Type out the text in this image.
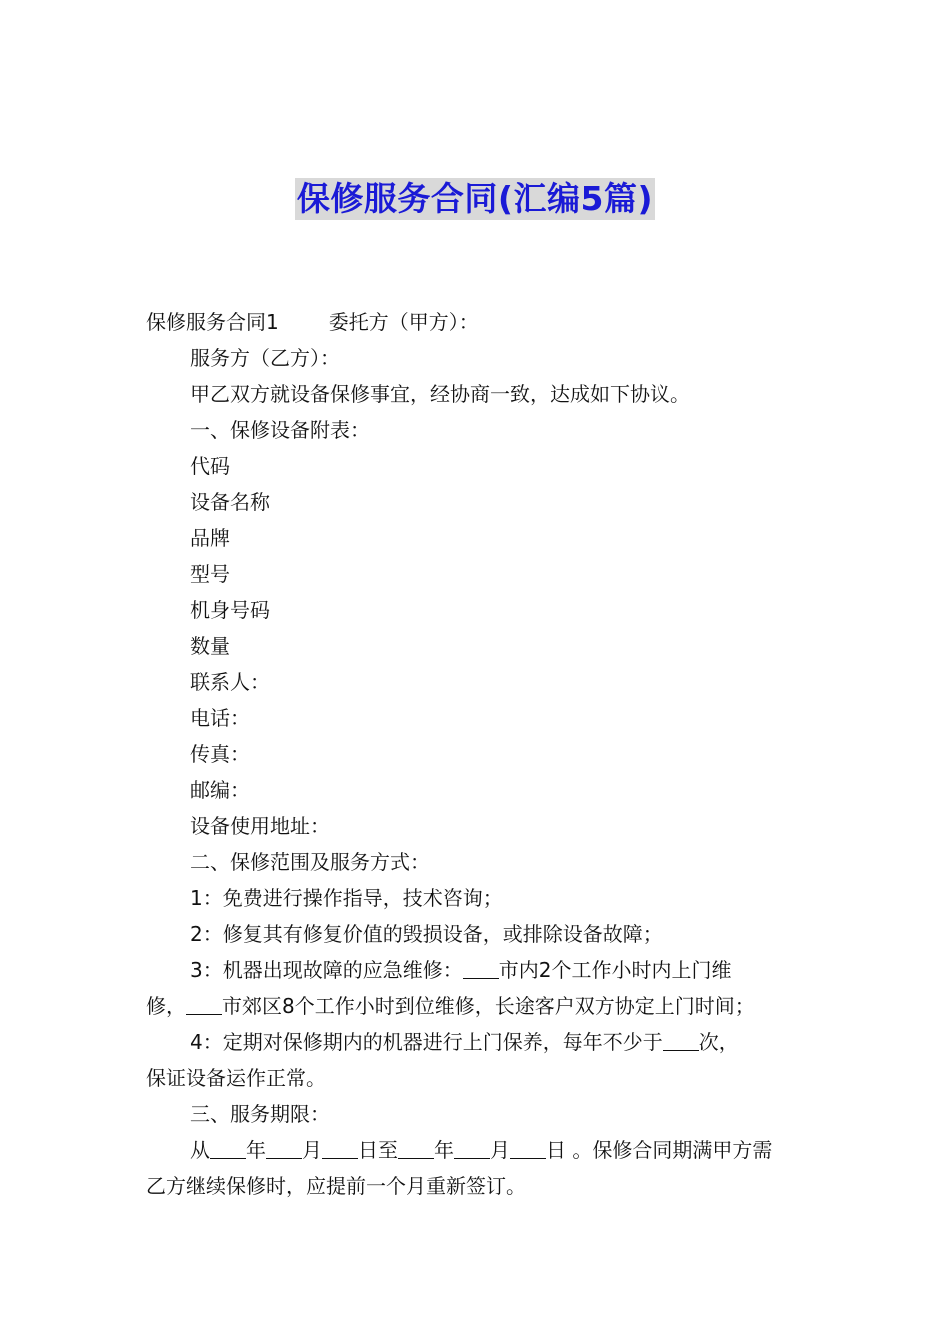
保修服务合同(汇编5篇)

保修服务合同1	委托方（甲方）：

服务方（乙方）：

甲乙双方就设备保修事宜，经协商一致，达成如下协议。

一、保修设备附表：

代码

设备名称

品牌

型号

机身号码

数量

联系人：

电话：

传真：

邮编：

设备使用地址：

二、保修范围及服务方式：

1：免费进行操作指导，技术咨询；

2：修复其有修复价值的毁损设备，或排除设备故障；

3：机器出现故障的应急维修： 市内2个工作小时内上门维

修， 市郊区8个工作小时到位维修，长途客户双方协定上门时间；

4：定期对保修期内的机器进行上门保养，每年不少于 次，

保证设备运作正常。

三、服务期限：

从 年 月 日至 年 月 日 。保修合同期满甲方需

乙方继续保修时，应提前一个月重新签订。
